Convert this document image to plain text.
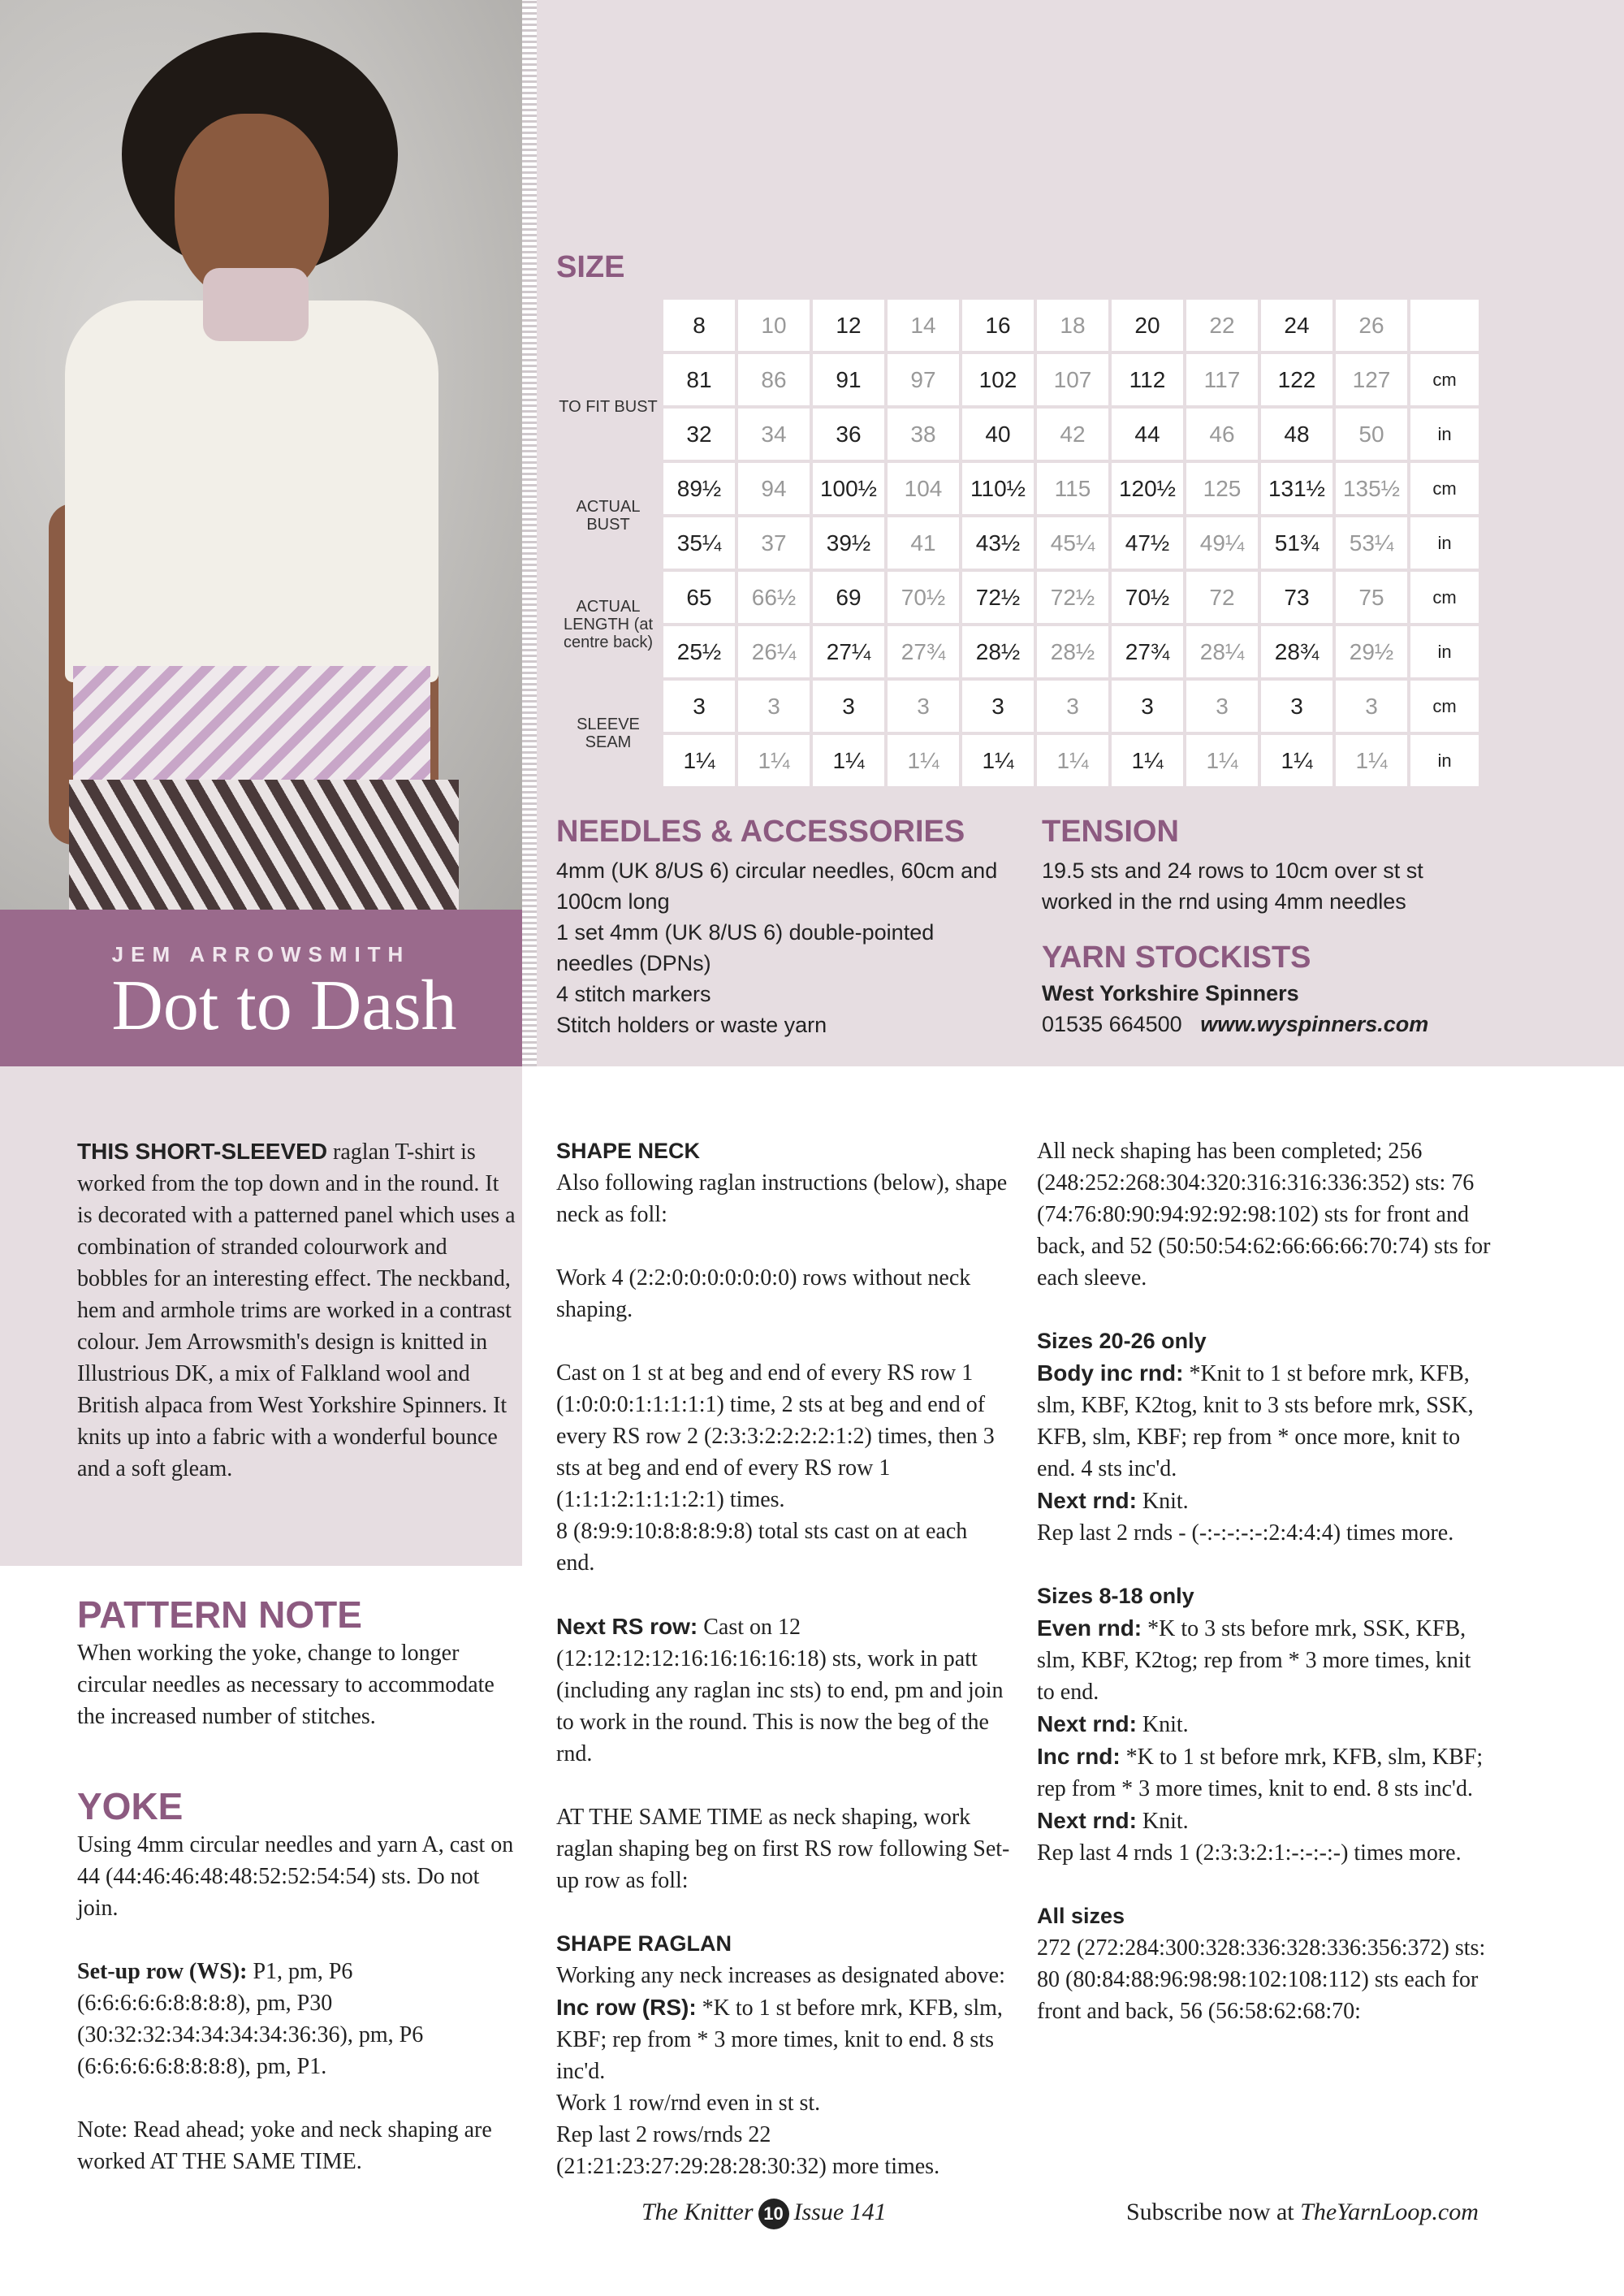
JEM ARROWSMITH
Dot to Dash
SIZE
	8	10	12	14	16	18	20	22	24	26	
TO FIT BUST	81	86	91	97	102	107	112	117	122	127	cm
	32	34	36	38	40	42	44	46	48	50	in
ACTUAL BUST	89½	94	100½	104	110½	115	120½	125	131½	135½	cm
	35¼	37	39½	41	43½	45¼	47½	49¼	51¾	53¼	in
ACTUAL LENGTH (at centre back)	65	66½	69	70½	72½	72½	70½	72	73	75	cm
	25½	26¼	27¼	27¾	28½	28½	27¾	28¼	28¾	29½	in
SLEEVE SEAM	3	3	3	3	3	3	3	3	3	3	cm
	1¼	1¼	1¼	1¼	1¼	1¼	1¼	1¼	1¼	1¼	in
NEEDLES & ACCESSORIES
4mm (UK 8/US 6) circular needles, 60cm and 100cm long
1 set 4mm (UK 8/US 6) double-pointed needles (DPNs)
4 stitch markers
Stitch holders or waste yarn
TENSION
19.5 sts and 24 rows to 10cm over st st worked in the rnd using 4mm needles
YARN STOCKISTS
West Yorkshire Spinners
01535 664500 www.wyspinners.com

THIS SHORT-SLEEVED raglan T-shirt is worked from the top down and in the round. It is decorated with a patterned panel which uses a combination of stranded colourwork and bobbles for an interesting effect. The neckband, hem and armhole trims are worked in a contrast colour. Jem Arrowsmith's design is knitted in Illustrious DK, a mix of Falkland wool and British alpaca from West Yorkshire Spinners. It knits up into a fabric with a wonderful bounce and a soft gleam.

PATTERN NOTE
When working the yoke, change to longer circular needles as necessary to accommodate the increased number of stitches.
YOKE

Using 4mm circular needles and yarn A, cast on 44 (44:46:46:48:48:52:52:54:54) sts. Do not join.

Set-up row (WS): P1, pm, P6 (6:6:6:6:6:8:8:8:8), pm, P30 (30:32:32:34:34:34:34:36:36), pm, P6 (6:6:6:6:6:8:8:8:8), pm, P1.

Note: Read ahead; yoke and neck shaping are worked AT THE SAME TIME.

SHAPE NECK

Also following raglan instructions (below), shape neck as foll:

Work 4 (2:2:0:0:0:0:0:0:0) rows without neck shaping.

Cast on 1 st at beg and end of every RS row 1 (1:0:0:0:1:1:1:1:1) time, 2 sts at beg and end of every RS row 2 (2:3:3:2:2:2:2:1:2) times, then 3 sts at beg and end of every RS row 1 (1:1:1:2:1:1:1:2:1) times.

8 (8:9:9:10:8:8:8:9:8) total sts cast on at each end.

Next RS row: Cast on 12 (12:12:12:12:16:16:16:16:18) sts, work in patt (including any raglan inc sts) to end, pm and join to work in the round. This is now the beg of the rnd.

AT THE SAME TIME as neck shaping, work raglan shaping beg on first RS row following Set-up row as foll:

SHAPE RAGLAN
Working any neck increases as designated above:
Inc row (RS): *K to 1 st before mrk, KFB, slm, KBF; rep from * 3 more times, knit to end. 8 sts inc'd.
Work 1 row/rnd even in st st.
Rep last 2 rows/rnds 22 (21:21:23:27:29:28:28:30:32) more times.

All neck shaping has been completed; 256 (248:252:268:304:320:316:316:336:352) sts: 76 (74:76:80:90:94:92:92:98:102) sts for front and back, and 52 (50:50:54:62:66:66:66:70:74) sts for each sleeve.

Sizes 20-26 only
Body inc rnd: *Knit to 1 st before mrk, KFB, slm, KBF, K2tog, knit to 3 sts before mrk, SSK, KFB, slm, KBF; rep from * once more, knit to end. 4 sts inc'd.
Next rnd: Knit.

Rep last 2 rnds - (-:-:-:-:-:2:4:4:4) times more.

Sizes 8-18 only
Even rnd: *K to 3 sts before mrk, SSK, KFB, slm, KBF, K2tog; rep from * 3 more times, knit to end.
Next rnd: Knit.
Inc rnd: *K to 1 st before mrk, KFB, slm, KBF; rep from * 3 more times, knit to end. 8 sts inc'd.
Next rnd: Knit.

Rep last 4 rnds 1 (2:3:3:2:1:-:-:-:-) times more.

All sizes
272 (272:284:300:328:336:328:336:356:372) sts: 80 (80:84:88:96:98:98:102:108:112) sts each for front and back, 56 (56:58:62:68:70:
The Knitter 10 Issue 141	Subscribe now at TheYarnLoop.com
